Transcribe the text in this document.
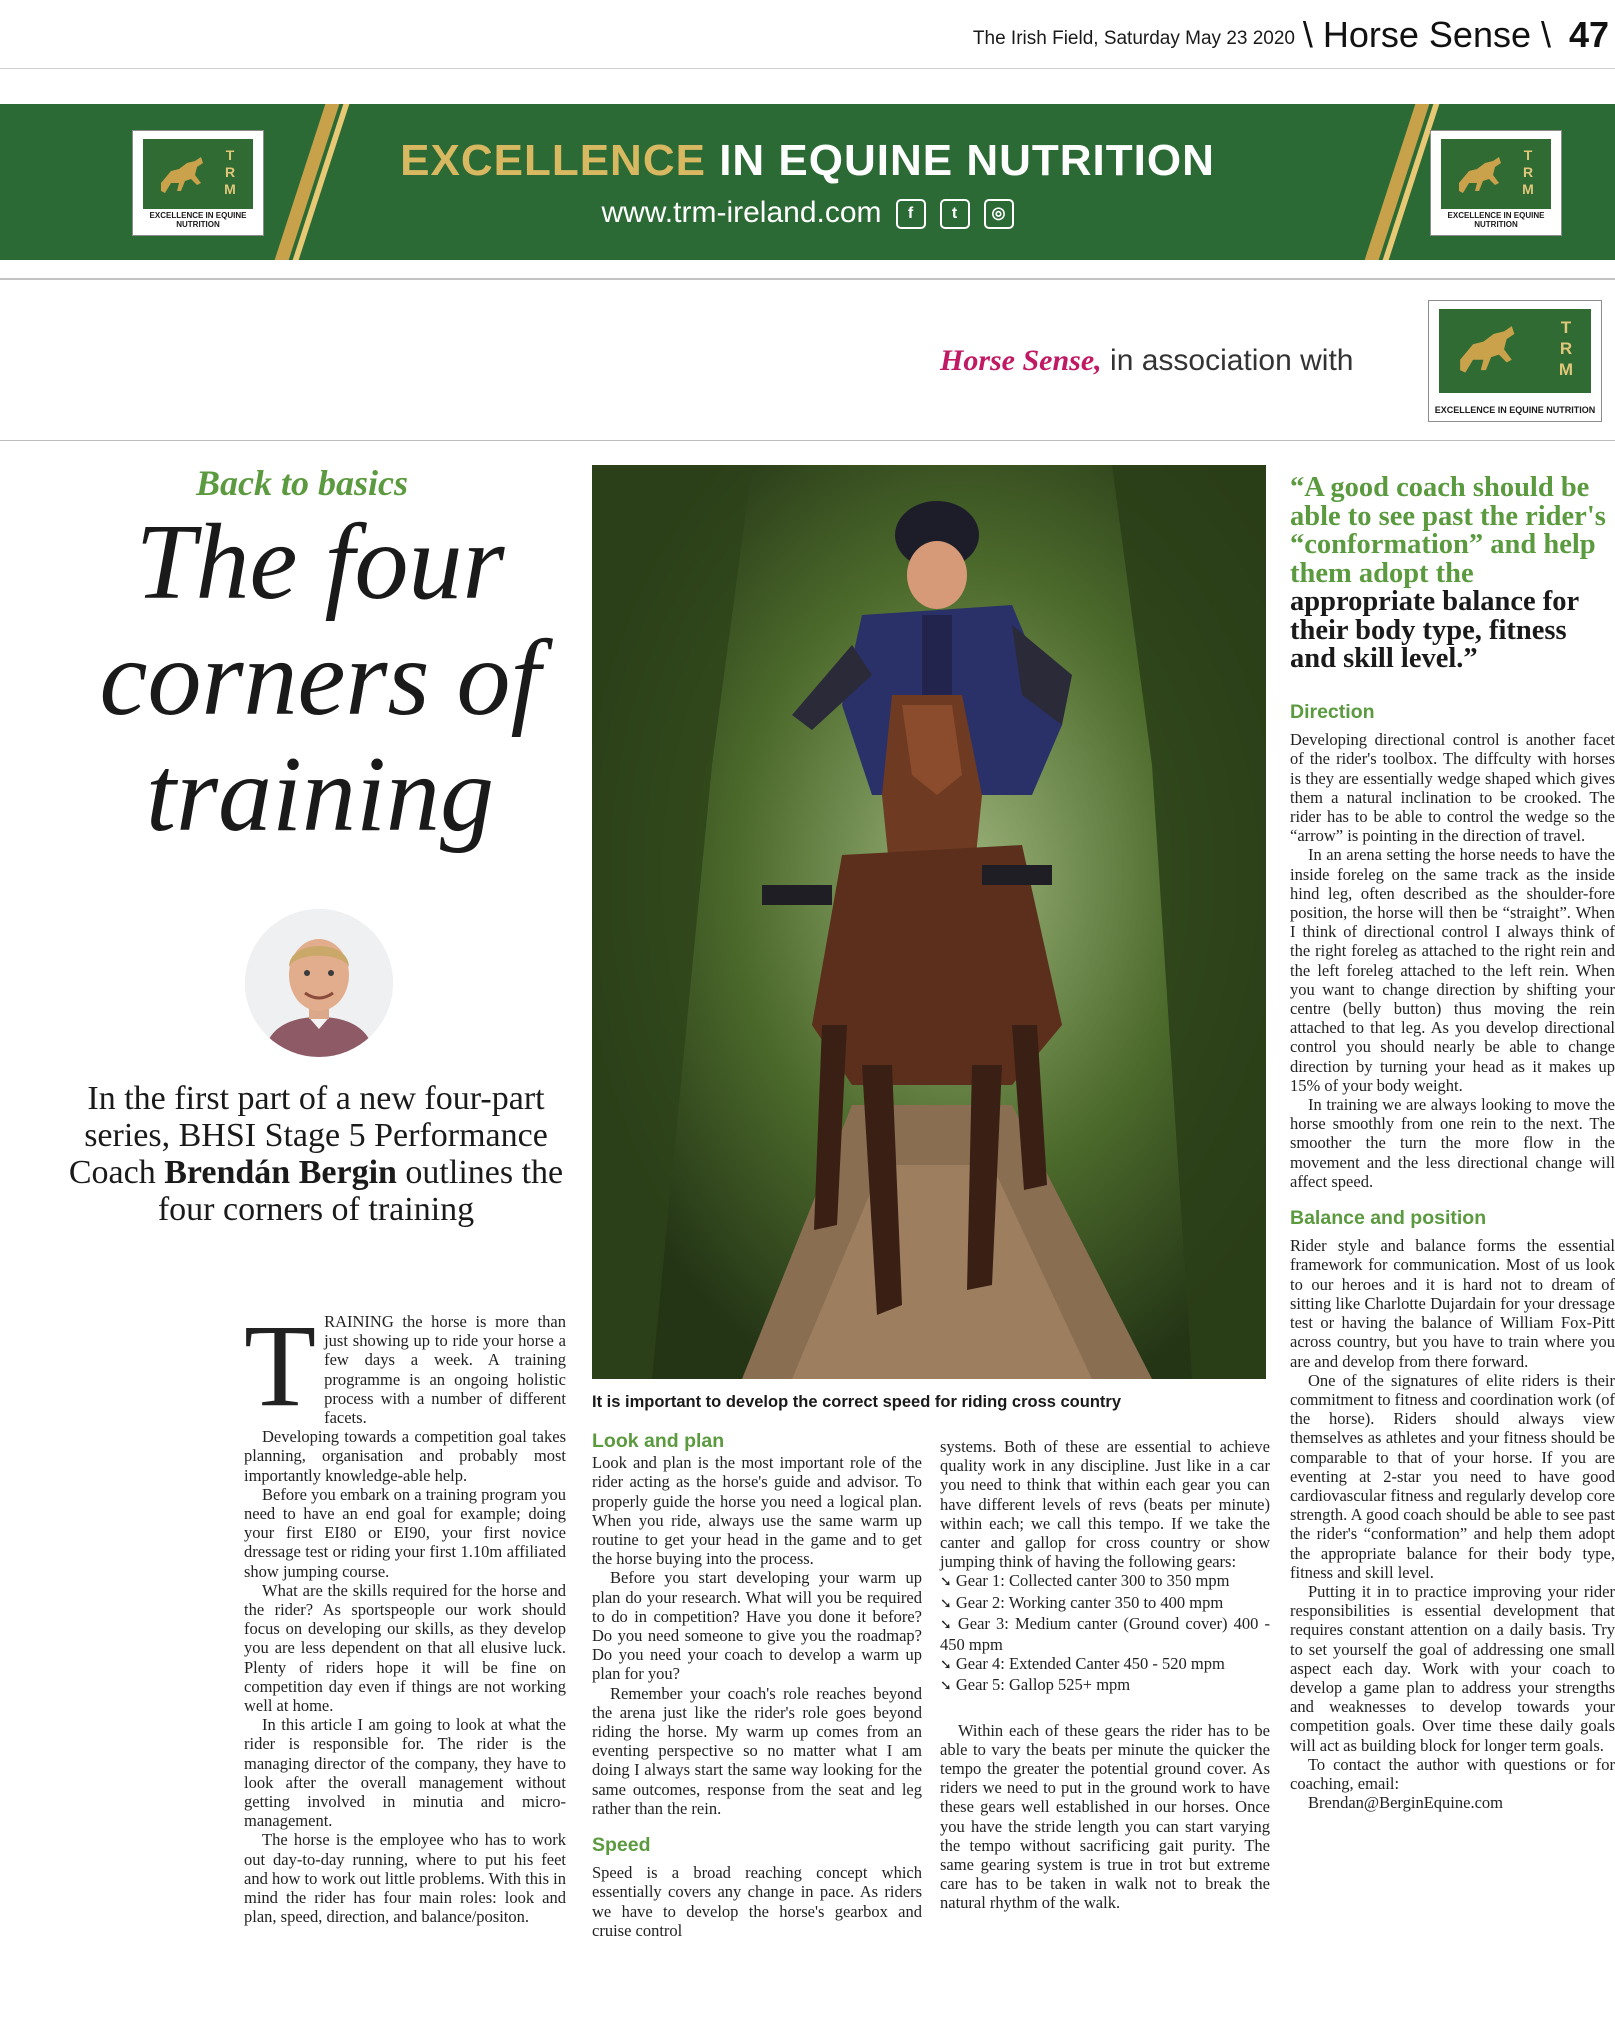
The Irish Field, Saturday May 23 2020 \ Horse Sense \ 47
T
R
M
EXCELLENCE IN EQUINE NUTRITION
EXCELLENCE IN EQUINE NUTRITION
www.trm-ireland.com f t ◎
T
R
M
EXCELLENCE IN EQUINE NUTRITION
Horse Sense, in association with
T
R
M
EXCELLENCE IN EQUINE NUTRITION
Back to basics
The four
corners of
training
In the first part of a new four-part series, BHSI Stage 5 Performance Coach Brendán Bergin outlines the four corners of training

TRAINING the horse is more than just showing up to ride your horse a few days a week. A training programme is an ongoing holistic process with a number of different facets.

Developing towards a competition goal takes planning, organisation and probably most importantly knowledge-able help.

Before you embark on a training program you need to have an end goal for example; doing your first EI80 or EI90, your first novice dressage test or riding your first 1.10m affiliated show jumping course.

What are the skills required for the horse and the rider? As sportspeople our work should focus on developing our skills, as they develop you are less dependent on that all elusive luck. Plenty of riders hope it will be fine on competition day even if things are not working well at home.

In this article I am going to look at what the rider is responsible for. The rider is the managing director of the company, they have to look after the overall management without getting involved in minutia and micro-management.

The horse is the employee who has to work out day-to-day running, where to put his feet and how to work out little problems. With this in mind the rider has four main roles: look and plan, speed, direction, and balance/positon.

It is important to develop the correct speed for riding cross country
Look and plan

Look and plan is the most important role of the rider acting as the horse's guide and advisor. To properly guide the horse you need a logical plan. When you ride, always use the same warm up routine to get your head in the game and to get the horse buying into the process.

Before you start developing your warm up plan do your research. What will you be required to do in competition? Have you done it before? Do you need someone to give you the roadmap? Do you need your coach to develop a warm up plan for you?

Remember your coach's role reaches beyond the arena just like the rider's role goes beyond riding the horse. My warm up comes from an eventing perspective so no matter what I am doing I always start the same way looking for the same outcomes, response from the seat and leg rather than the rein.

Speed

Speed is a broad reaching concept which essentially covers any change in pace. As riders we have to develop the horse's gearbox and cruise control

systems. Both of these are essential to achieve quality work in any discipline. Just like in a car you need to think that within each gear you can have different levels of revs (beats per minute) within each; we call this tempo. If we take the canter and gallop for cross country or show jumping think of having the following gears:

➘ Gear 1: Collected canter 300 to 350 mpm

➘ Gear 2: Working canter 350 to 400 mpm

➘ Gear 3: Medium canter (Ground cover) 400 - 450 mpm

➘ Gear 4: Extended Canter 450 - 520 mpm

➘ Gear 5: Gallop 525+ mpm

Within each of these gears the rider has to be able to vary the beats per minute the quicker the tempo the greater the potential ground cover. As riders we need to put in the ground work to have these gears well established in our horses. Once you have the stride length you can start varying the tempo without sacrificing gait purity. The same gearing system is true in trot but extreme care has to be taken in walk not to break the natural rhythm of the walk.

“A good coach should be able to see past the rider's “conformation” and help them adopt the appropriate balance for their body type, fitness and skill level.”
Direction

Developing directional control is another facet of the rider's toolbox. The diffculty with horses is they are essentially wedge shaped which gives them a natural inclination to be crooked. The rider has to be able to control the wedge so the “arrow” is pointing in the direction of travel.

In an arena setting the horse needs to have the inside foreleg on the same track as the inside hind leg, often described as the shoulder-fore position, the horse will then be “straight”. When I think of directional control I always think of the right foreleg as attached to the right rein and the left foreleg attached to the left rein. When you want to change direction by shifting your centre (belly button) thus moving the rein attached to that leg. As you develop directional control you should nearly be able to change direction by turning your head as it makes up 15% of your body weight.

In training we are always looking to move the horse smoothly from one rein to the next. The smoother the turn the more flow in the movement and the less directional change will affect speed.

Balance and position

Rider style and balance forms the essential framework for communication. Most of us look to our heroes and it is hard not to dream of sitting like Charlotte Dujardain for your dressage test or having the balance of William Fox-Pitt across country, but you have to train where you are and develop from there forward.

One of the signatures of elite riders is their commitment to fitness and coordination work (of the horse). Riders should always view themselves as athletes and your fitness should be comparable to that of your horse. If you are eventing at 2-star you need to have good cardiovascular fitness and regularly develop core strength. A good coach should be able to see past the rider's “conformation” and help them adopt the appropriate balance for their body type, fitness and skill level.

Putting it in to practice improving your rider responsibilities is essential development that requires constant attention on a daily basis. Try to set yourself the goal of addressing one small aspect each day. Work with your coach to develop a game plan to address your strengths and weaknesses to develop towards your competition goals. Over time these daily goals will act as building block for longer term goals.

To contact the author with questions or for coaching, email:

Brendan@BerginEquine.com
